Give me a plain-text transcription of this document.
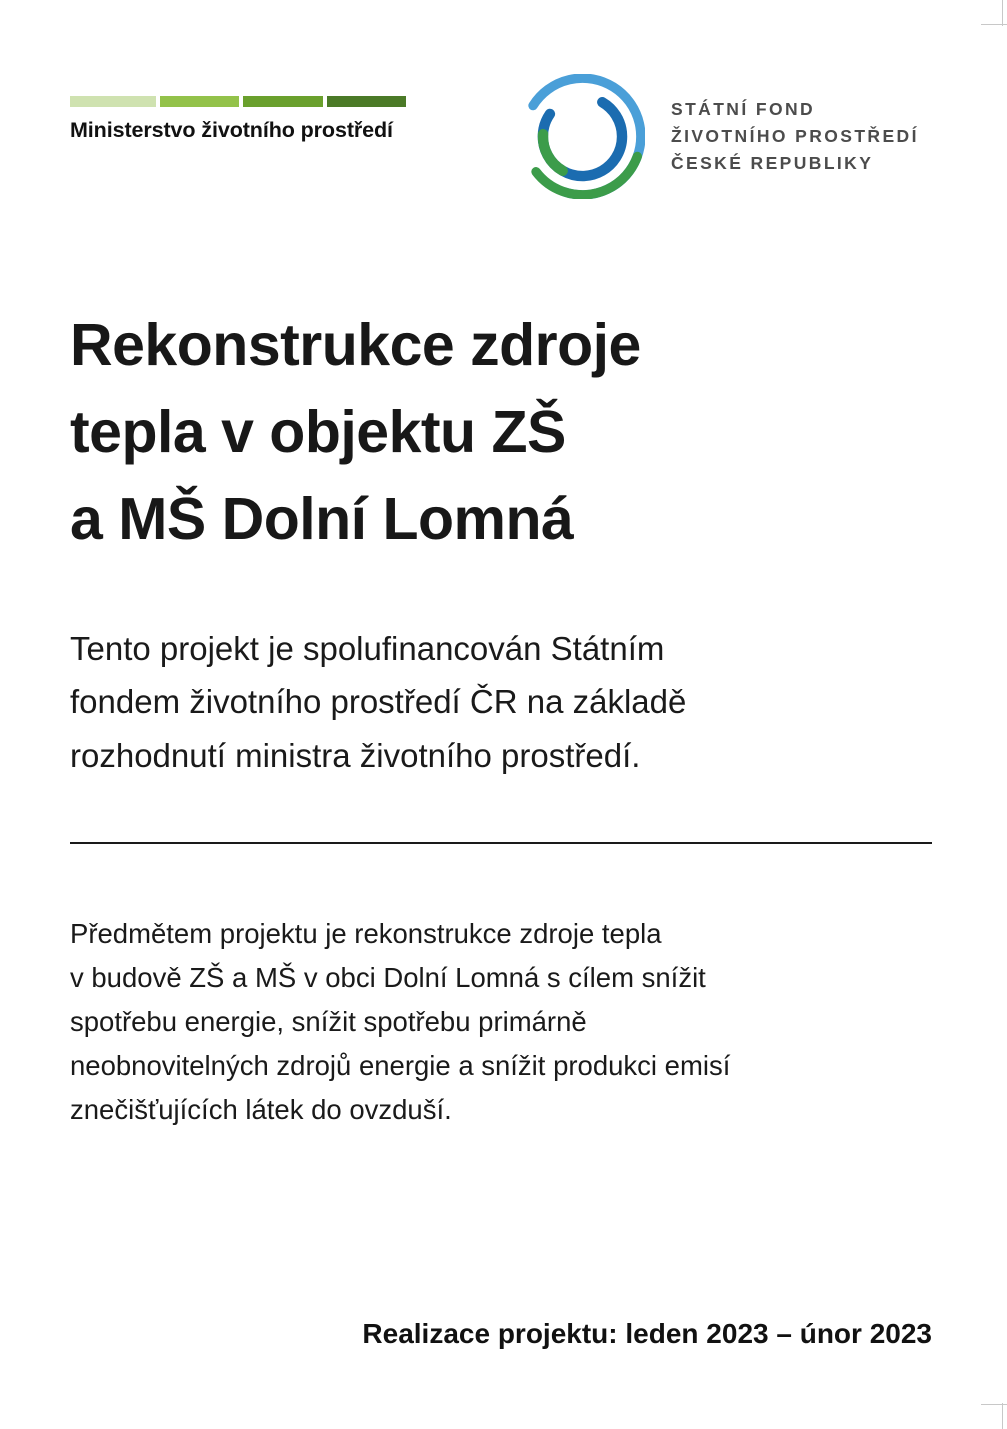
Ministerstvo životního prostředí
STÁTNÍ FOND
ŽIVOTNÍHO PROSTŘEDÍ
ČESKÉ REPUBLIKY
Rekonstrukce zdroje
tepla v objektu ZŠ
a MŠ Dolní Lomná
Tento projekt je spolufinancován Státním
fondem životního prostředí ČR na základě
rozhodnutí ministra životního prostředí.
Předmětem projektu je rekonstrukce zdroje tepla
v budově ZŠ a MŠ v obci Dolní Lomná s cílem snížit
spotřebu energie, snížit spotřebu primárně
neobnovitelných zdrojů energie a snížit produkci emisí
znečišťujících látek do ovzduší.
Realizace projektu: leden 2023 – únor 2023
